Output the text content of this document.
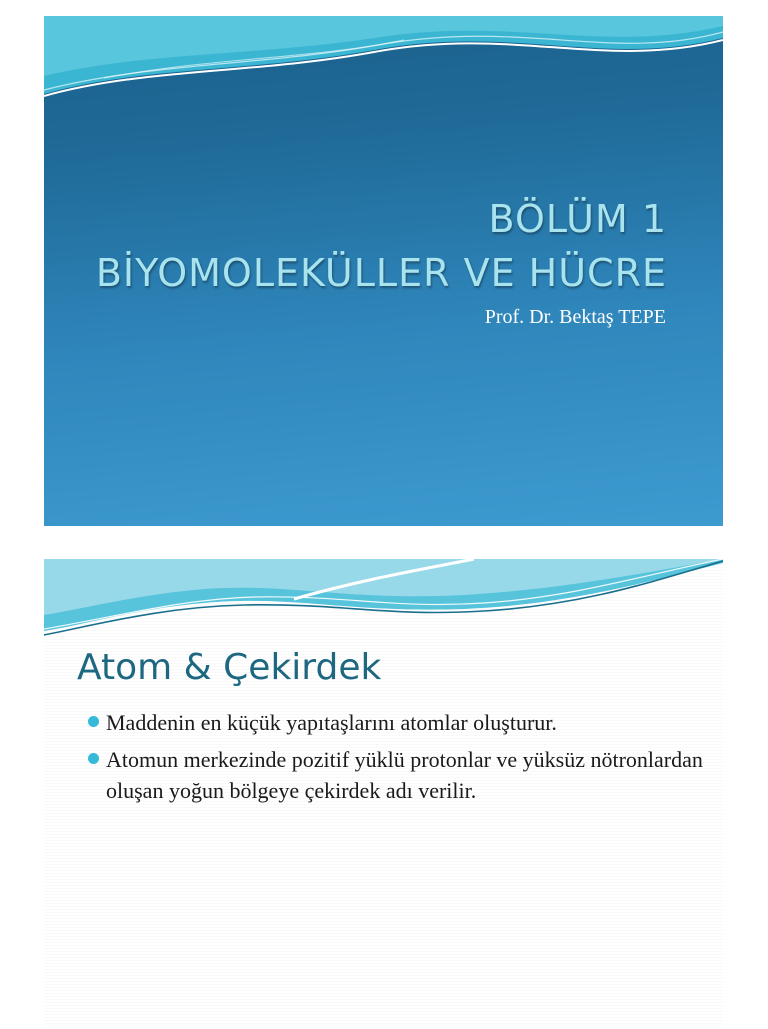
BÖLÜM 1
BİYOMOLEKÜLLER VE HÜCRE
Prof. Dr. Bektaş TEPE
Atom & Çekirdek
Maddenin en küçük yapıtaşlarını atomlar oluşturur.
Atomun merkezinde pozitif yüklü protonlar ve yüksüz nötronlardan oluşan yoğun bölgeye çekirdek adı verilir.
